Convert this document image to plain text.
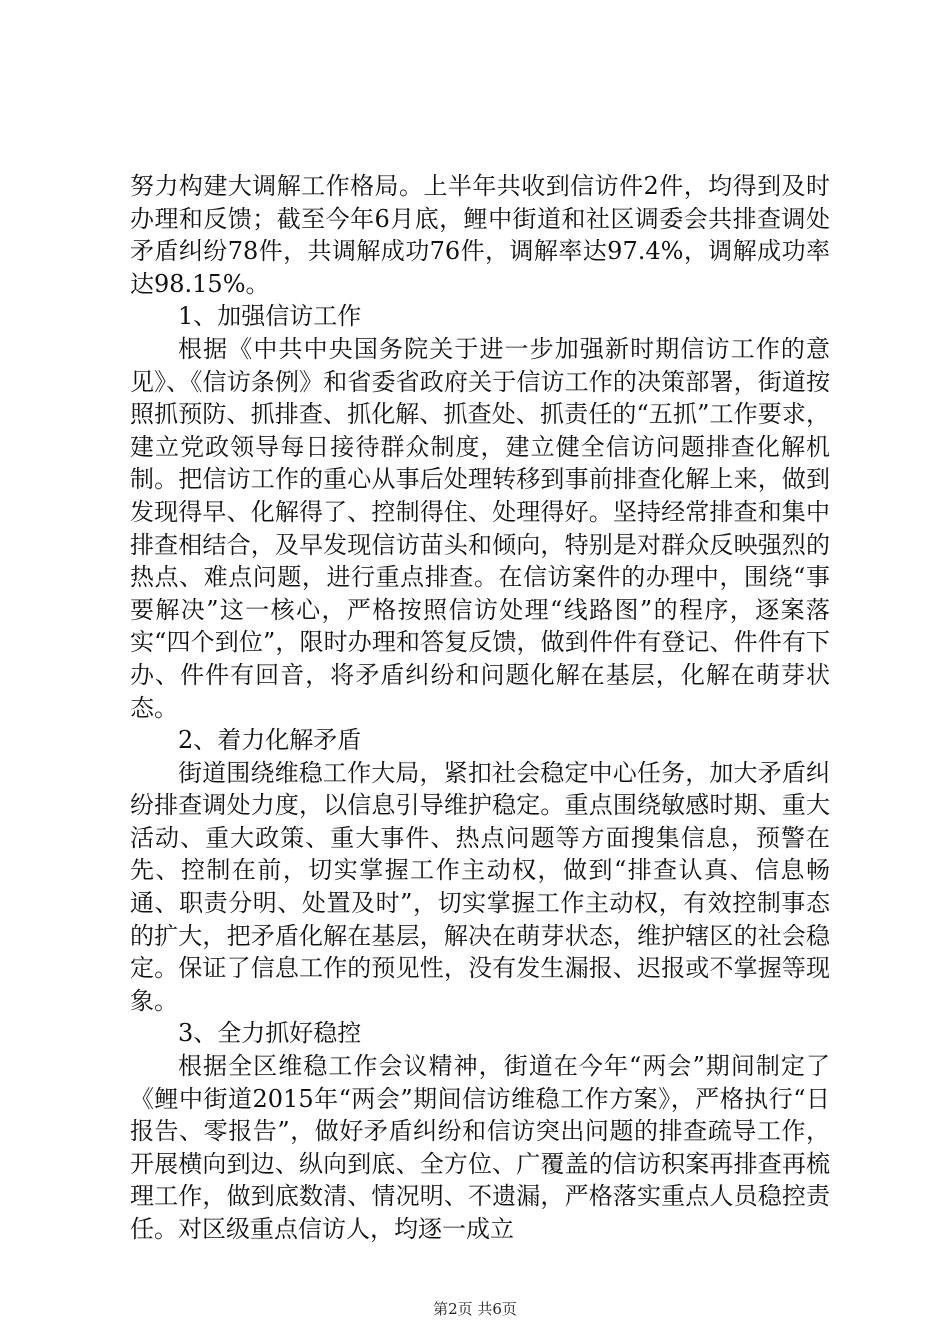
努力构建大调解工作格局。上半年共收到信访件2件，均得到及时办理和反馈；截至今年6月底，鲤中街道和社区调委会共排查调处矛盾纠纷78件，共调解成功76件，调解率达97.4%，调解成功率达98.15%。

1、加强信访工作

根据《中共中央国务院关于进一步加强新时期信访工作的意见》、《信访条例》和省委省政府关于信访工作的决策部署，街道按照抓预防、抓排查、抓化解、抓查处、抓责任的“五抓”工作要求，建立党政领导每日接待群众制度，建立健全信访问题排查化解机制。把信访工作的重心从事后处理转移到事前排查化解上来，做到发现得早、化解得了、控制得住、处理得好。坚持经常排查和集中排查相结合，及早发现信访苗头和倾向，特别是对群众反映强烈的热点、难点问题，进行重点排查。在信访案件的办理中，围绕“事要解决”这一核心，严格按照信访处理“线路图”的程序，逐案落实“四个到位”，限时办理和答复反馈，做到件件有登记、件件有下办、件件有回音，将矛盾纠纷和问题化解在基层，化解在萌芽状态。

2、着力化解矛盾

街道围绕维稳工作大局，紧扣社会稳定中心任务，加大矛盾纠纷排查调处力度，以信息引导维护稳定。重点围绕敏感时期、重大活动、重大政策、重大事件、热点问题等方面搜集信息，预警在先、控制在前，切实掌握工作主动权，做到“排查认真、信息畅通、职责分明、处置及时”，切实掌握工作主动权，有效控制事态的扩大，把矛盾化解在基层，解决在萌芽状态，维护辖区的社会稳定。保证了信息工作的预见性，没有发生漏报、迟报或不掌握等现象。

3、全力抓好稳控

根据全区维稳工作会议精神，街道在今年“两会”期间制定了《鲤中街道2015年“两会”期间信访维稳工作方案》，严格执行“日报告、零报告”，做好矛盾纠纷和信访突出问题的排查疏导工作，开展横向到边、纵向到底、全方位、广覆盖的信访积案再排查再梳理工作，做到底数清、情况明、不遗漏，严格落实重点人员稳控责任。对区级重点信访人，均逐一成立

第2页 共6页
